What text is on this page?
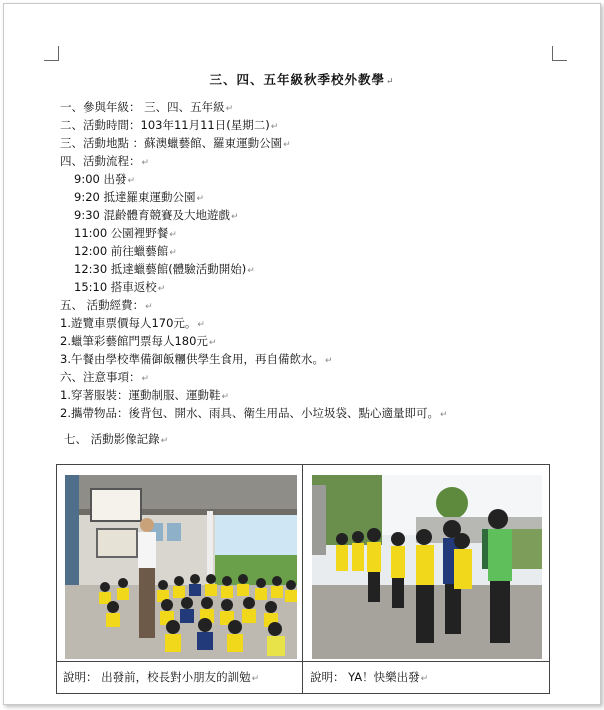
三、四、五年級秋季校外教學↵
一、參與年級： 三、四、五年級↵
二、活動時間：103年11月11日(星期二)↵
三、活動地點 ：蘇澳蠟藝館、羅東運動公園↵
四、活動流程：↵
9:00 出發↵
9:20 抵達羅東運動公園↵
9:30 混齡體育競賽及大地遊戲↵
11:00 公園裡野餐↵
12:00 前往蠟藝館↵
12:30 抵達蠟藝館(體驗活動開始)↵
15:10 搭車返校↵
五、 活動經費：↵
1.遊覽車票價每人170元。↵
2.蠟筆彩藝館門票每人180元↵
3.午餐由學校準備御飯糰供學生食用，再自備飲水。↵
六、注意事項：↵
1.穿著服裝：運動制服、運動鞋↵
2.攜帶物品：後背包、開水、雨具、衛生用品、小垃圾袋、點心適量即可。↵
七、 活動影像記錄↵
說明： 出發前，校長對小朋友的訓勉↵	說明： YA！快樂出發↵
